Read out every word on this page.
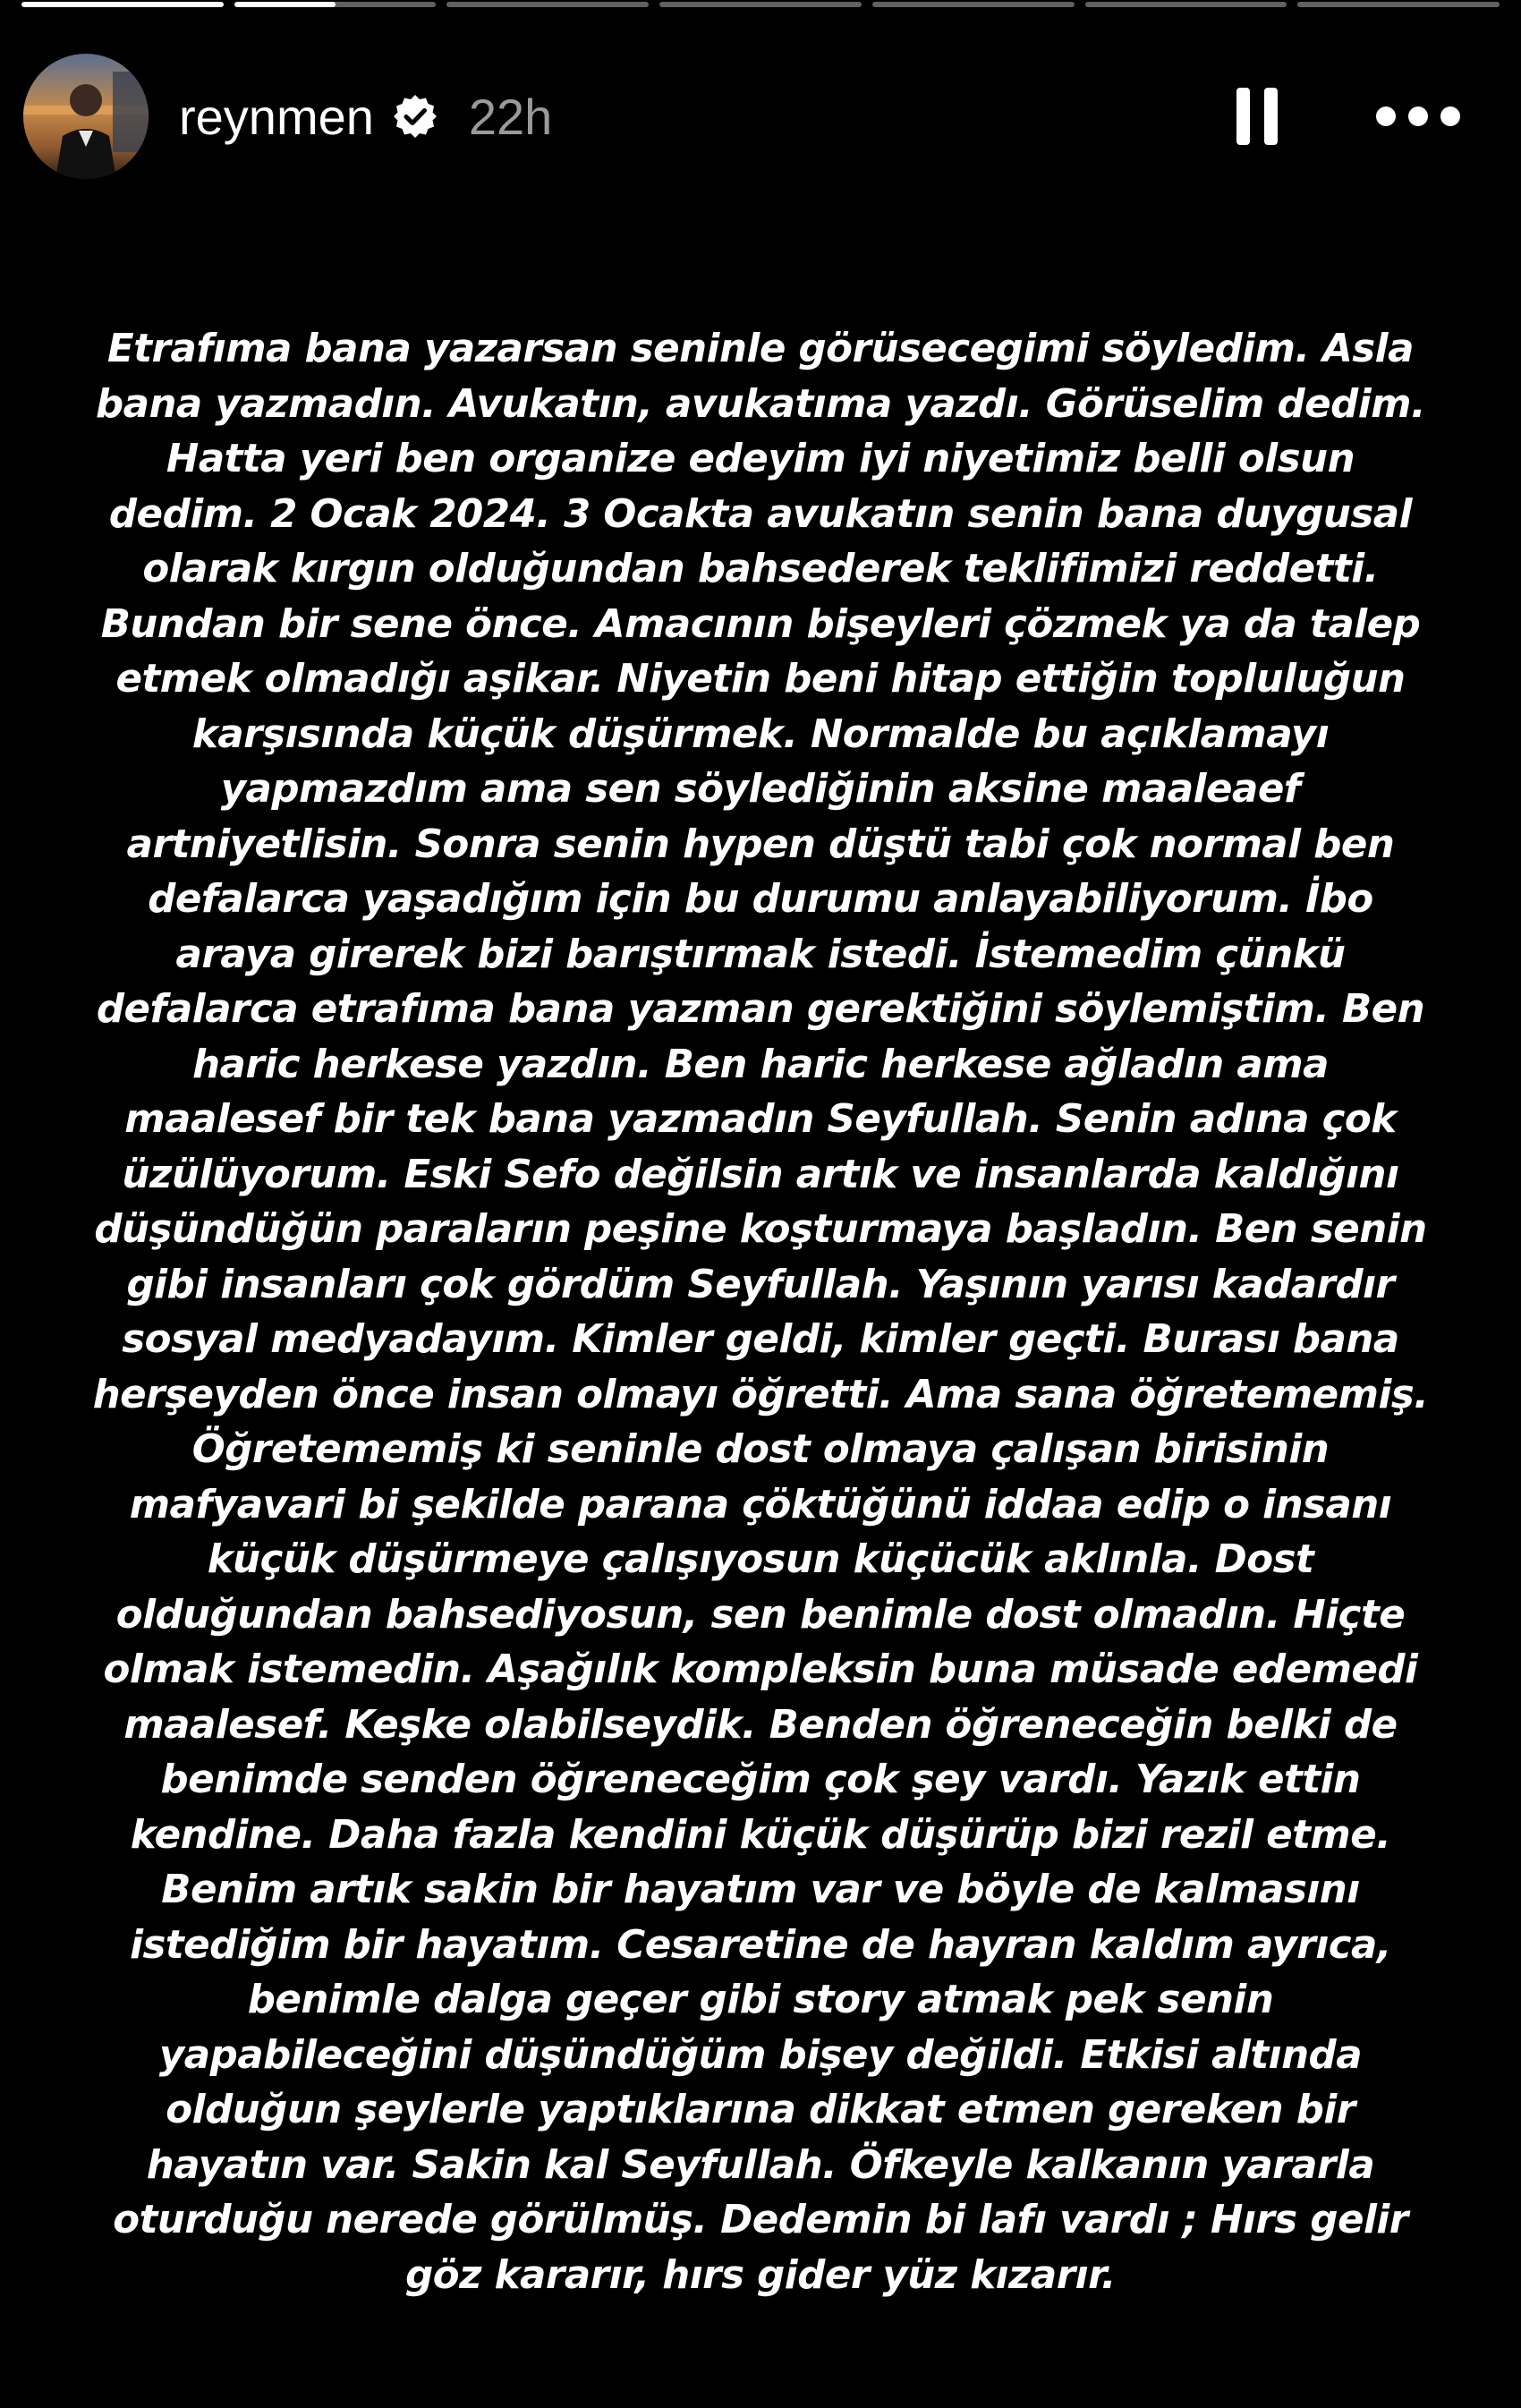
reynmen 22h
Etrafıma bana yazarsan seninle görüsecegimi söyledim. Asla bana yazmadın. Avukatın, avukatıma yazdı. Görüselim dedim. Hatta yeri ben organize edeyim iyi niyetimiz belli olsun dedim. 2 Ocak 2024. 3 Ocakta avukatın senin bana duygusal olarak kırgın olduğundan bahsederek teklifimizi reddetti. Bundan bir sene önce. Amacının bişeyleri çözmek ya da talep etmek olmadığı aşikar. Niyetin beni hitap ettiğin topluluğun karşısında küçük düşürmek. Normalde bu açıklamayı yapmazdım ama sen söylediğinin aksine maaleaef artniyetlisin. Sonra senin hypen düştü tabi çok normal ben defalarca yaşadığım için bu durumu anlayabiliyorum. İbo araya girerek bizi barıştırmak istedi. İstemedim çünkü defalarca etrafıma bana yazman gerektiğini söylemiştim. Ben haric herkese yazdın. Ben haric herkese ağladın ama maalesef bir tek bana yazmadın Seyfullah. Senin adına çok üzülüyorum. Eski Sefo değilsin artık ve insanlarda kaldığını düşündüğün paraların peşine koşturmaya başladın. Ben senin gibi insanları çok gördüm Seyfullah. Yaşının yarısı kadardır sosyal medyadayım. Kimler geldi, kimler geçti. Burası bana herşeyden önce insan olmayı öğretti. Ama sana öğretememiş. Öğretememiş ki seninle dost olmaya çalışan birisinin mafyavari bi şekilde parana çöktüğünü iddaa edip o insanı küçük düşürmeye çalışıyosun küçücük aklınla. Dost olduğundan bahsediyosun, sen benimle dost olmadın. Hiçte olmak istemedin. Aşağılık kompleksin buna müsade edemedi maalesef. Keşke olabilseydik. Benden öğreneceğin belki de benimde senden öğreneceğim çok şey vardı. Yazık ettin kendine. Daha fazla kendini küçük düşürüp bizi rezil etme. Benim artık sakin bir hayatım var ve böyle de kalmasını istediğim bir hayatım. Cesaretine de hayran kaldım ayrıca, benimle dalga geçer gibi story atmak pek senin yapabileceğini düşündüğüm bişey değildi. Etkisi altında olduğun şeylerle yaptıklarına dikkat etmen gereken bir hayatın var. Sakin kal Seyfullah. Öfkeyle kalkanın yararla oturduğu nerede görülmüş. Dedemin bi lafı vardı ; Hırs gelir göz kararır, hırs gider yüz kızarır.
